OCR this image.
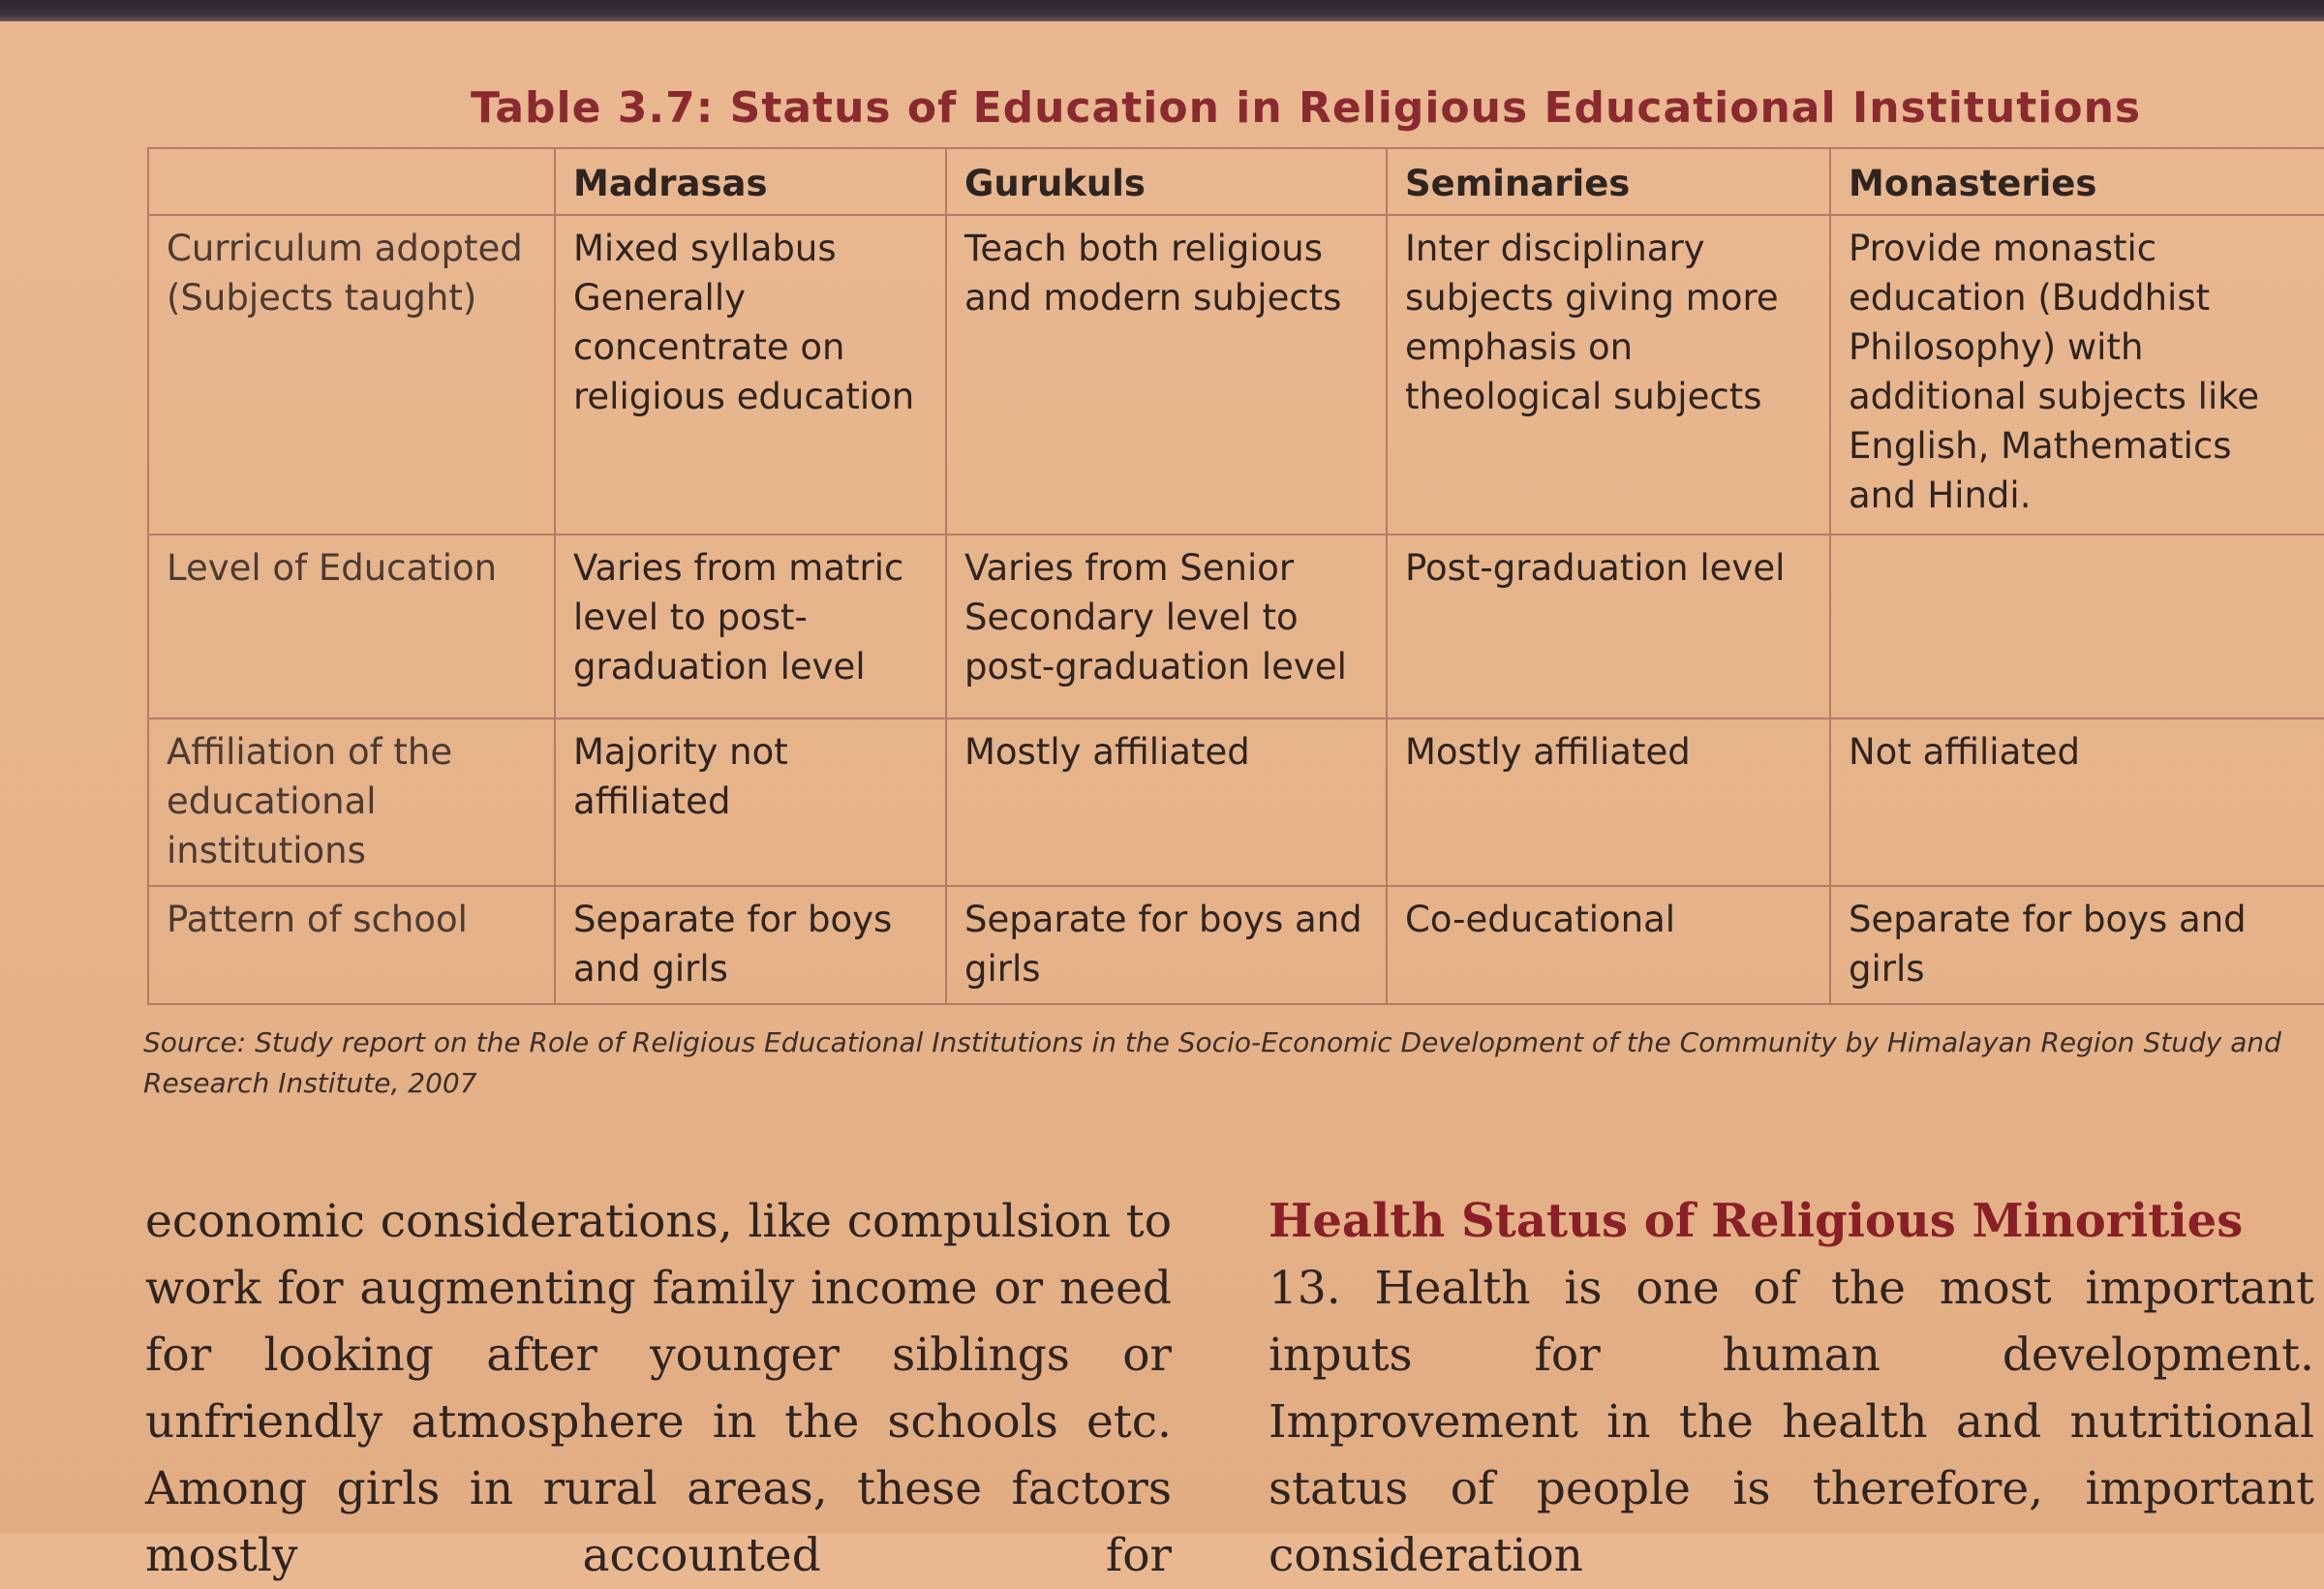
Table 3.7: Status of Education in Religious Educational Institutions
	Madrasas	Gurukuls	Seminaries	Monasteries
Curriculum adopted (Subjects taught)	Mixed syllabus Generally concentrate on religious education	Teach both religious and modern subjects	Inter disciplinary subjects giving more emphasis on theological subjects	Provide monastic education (Buddhist Philosophy) with additional subjects like English, Mathematics and Hindi.
Level of Education	Varies from matric level to post-graduation level	Varies from Senior Secondary level to post-graduation level	Post-graduation level	
Affiliation of the educational institutions	Majority not affiliated	Mostly affiliated	Mostly affiliated	Not affiliated
Pattern of school	Separate for boys and girls	Separate for boys and girls	Co-educational	Separate for boys and girls
Source: Study report on the Role of Religious Educational Institutions in the Socio-Economic Development of the Community by Himalayan Region Study and Research Institute, 2007
economic considerations, like compulsion to work for augmenting family income or need for looking after younger siblings or unfriendly atmosphere in the schools etc. Among girls in rural areas, these factors mostly accounted for
Health Status of Religious Minorities
13. Health is one of the most important inputs for human development. Improvement in the health and nutritional status of people is therefore, important consideration
